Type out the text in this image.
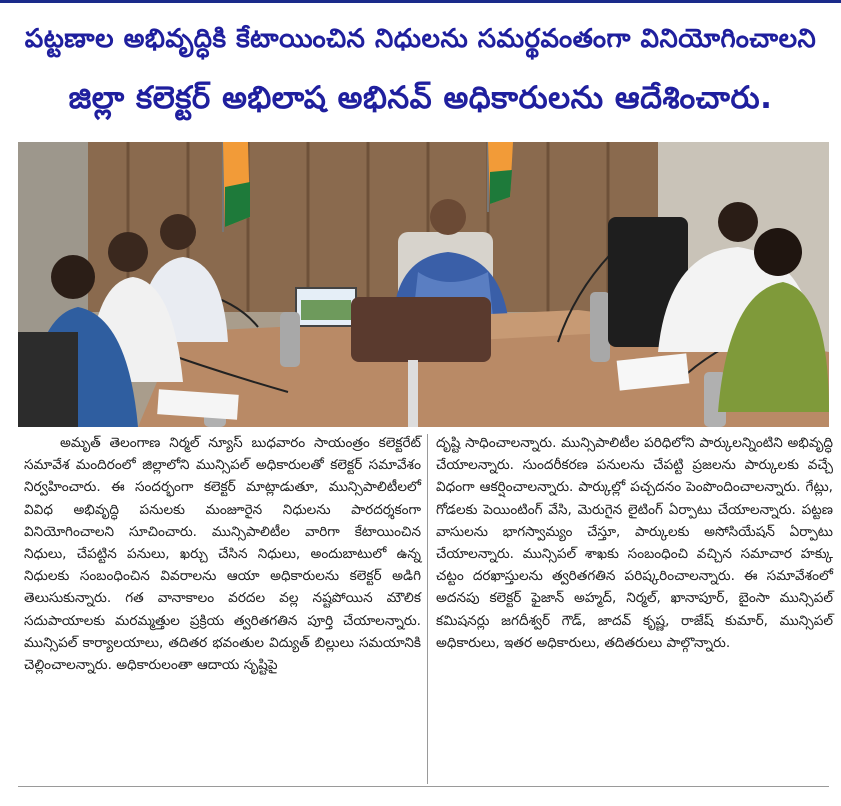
పట్టణాల అభివృద్ధికి కేటాయించిన నిధులను సమర్థవంతంగా వినియోగించాలని
జిల్లా కలెక్టర్ అభిలాష అభినవ్ అధికారులను ఆదేశించారు.
అమృత్ తెలంగాణ నిర్మల్ న్యూస్ బుధవారం సాయంత్రం కలెక్టరేట్ సమావేశ మందిరంలో జిల్లాలోని మున్సిపల్ అధికారులతో కలెక్టర్ సమావేశం నిర్వహించారు. ఈ సందర్భంగా కలెక్టర్ మాట్లాడుతూ, మున్సిపాలిటీలలో వివిధ అభివృద్ధి పనులకు మంజూరైన నిధులను పారదర్శకంగా వినియోగించాలని సూచించారు. మున్సిపాలిటీల వారిగా కేటాయించిన నిధులు, చేపట్టిన పనులు, ఖర్చు చేసిన నిధులు, అందుబాటులో ఉన్న నిధులకు సంబంధించిన వివరాలను ఆయా అధికారులను కలెక్టర్ అడిగి తెలుసుకున్నారు. గత వానాకాలం వరదల వల్ల నష్టపోయిన మౌలిక సదుపాయాలకు మరమ్మత్తుల ప్రక్రియ త్వరితగతిన పూర్తి చేయాలన్నారు. మున్సిపల్ కార్యాలయాలు, తదితర భవంతుల విద్యుత్ బిల్లులు సమయానికి చెల్లించాలన్నారు. అధికారులంతా ఆదాయ సృష్టిపై
దృష్టి సాధించాలన్నారు. మున్సిపాలిటీల పరిధిలోని పార్కులన్నింటిని అభివృద్ధి చేయాలన్నారు. సుందరీకరణ పనులను చేపట్టి ప్రజలను పార్కులకు వచ్చే విధంగా ఆకర్షించాలన్నారు. పార్కుల్లో పచ్చదనం పెంపొందించాలన్నారు. గేట్లు, గోడలకు పెయింటింగ్ వేసి, మెరుగైన లైటింగ్ ఏర్పాటు చేయాలన్నారు. పట్టణ వాసులను భాగస్వామ్యం చేస్తూ, పార్కులకు అసోసియేషన్ ఏర్పాటు చేయాలన్నారు. మున్సిపల్ శాఖకు సంబంధించి వచ్చిన సమాచార హక్కు చట్టం దరఖాస్తులను త్వరితగతిన పరిష్కరించాలన్నారు. ఈ సమావేశంలో అదనపు కలెక్టర్ ఫైజాన్ అహ్మద్, నిర్మల్, ఖానాపూర్, బైంసా మున్సిపల్ కమిషనర్లు జగదీశ్వర్ గౌడ్, జాదవ్ కృష్ణ, రాజేష్ కుమార్, మున్సిపల్ అధికారులు, ఇతర అధికారులు, తదితరులు పాల్గొన్నారు.
